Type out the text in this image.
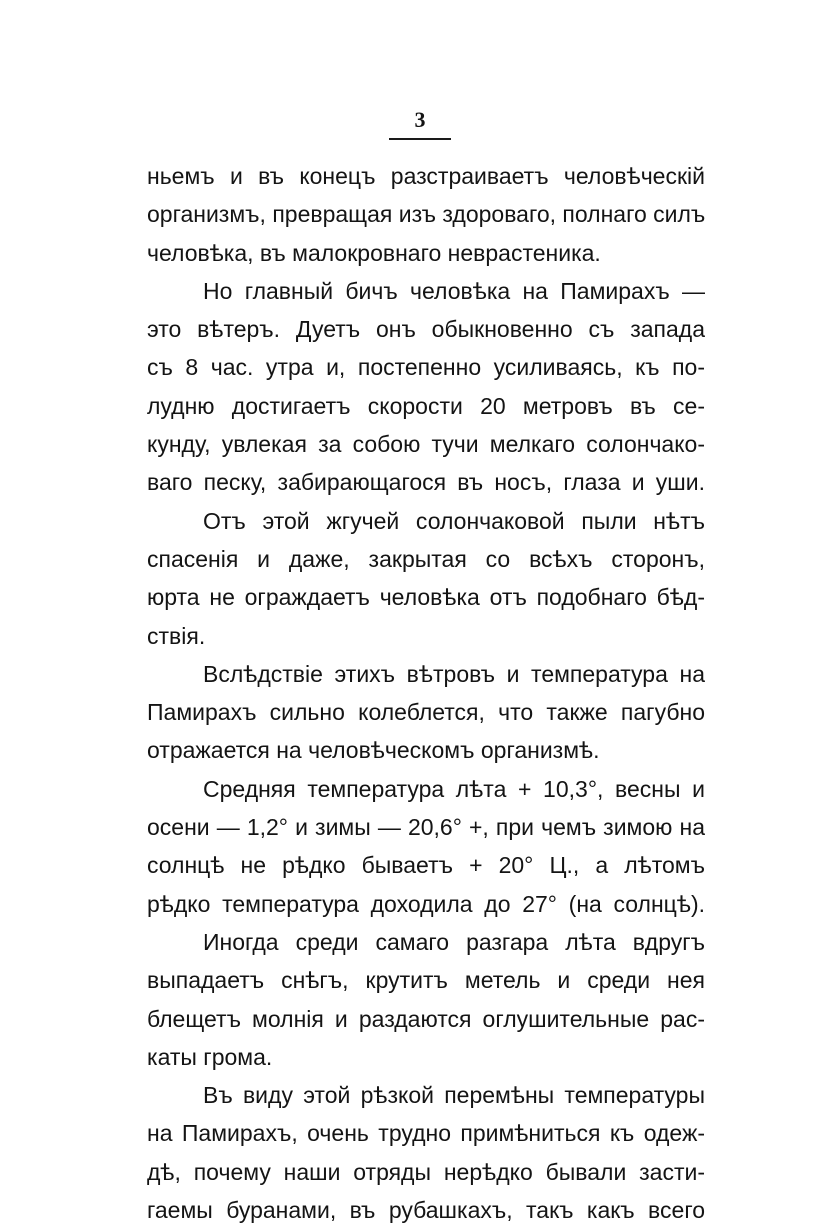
3
ньемъ и въ конецъ разстраиваетъ человѣческій
организмъ, превращая изъ здороваго, полнаго силъ
человѣка, въ малокровнаго неврастеника.
Но главный бичъ человѣка на Памирахъ —
это вѣтеръ. Дуетъ онъ обыкновенно съ запада
съ 8 час. утра и, постепенно усиливаясь, къ по-
лудню достигаетъ скорости 20 метровъ въ се-
кунду, увлекая за собою тучи мелкаго солончако-
ваго песку, забирающагося въ носъ, глаза и уши.
Отъ этой жгучей солончаковой пыли нѣтъ
спасенія и даже, закрытая со всѣхъ сторонъ,
юрта не ограждаетъ человѣка отъ подобнаго бѣд-
ствія.
Вслѣдствіе этихъ вѣтровъ и температура на
Памирахъ сильно колеблется, что также пагубно
отражается на человѣческомъ организмѣ.
Средняя температура лѣта + 10,3°, весны и
осени — 1,2° и зимы — 20,6° +, при чемъ зимою на
солнцѣ не рѣдко бываетъ + 20° Ц., а лѣтомъ
рѣдко температура доходила до 27° (на солнцѣ).
Иногда среди самаго разгара лѣта вдругъ
выпадаетъ снѣгъ, крутитъ метель и среди нея
блещетъ молнія и раздаются оглушительные рас-
каты грома.
Въ виду этой рѣзкой перемѣны температуры
на Памирахъ, очень трудно примѣниться къ одеж-
дѣ, почему наши отряды нерѣдко бывали засти-
гаемы буранами, въ рубашкахъ, такъ какъ всего
